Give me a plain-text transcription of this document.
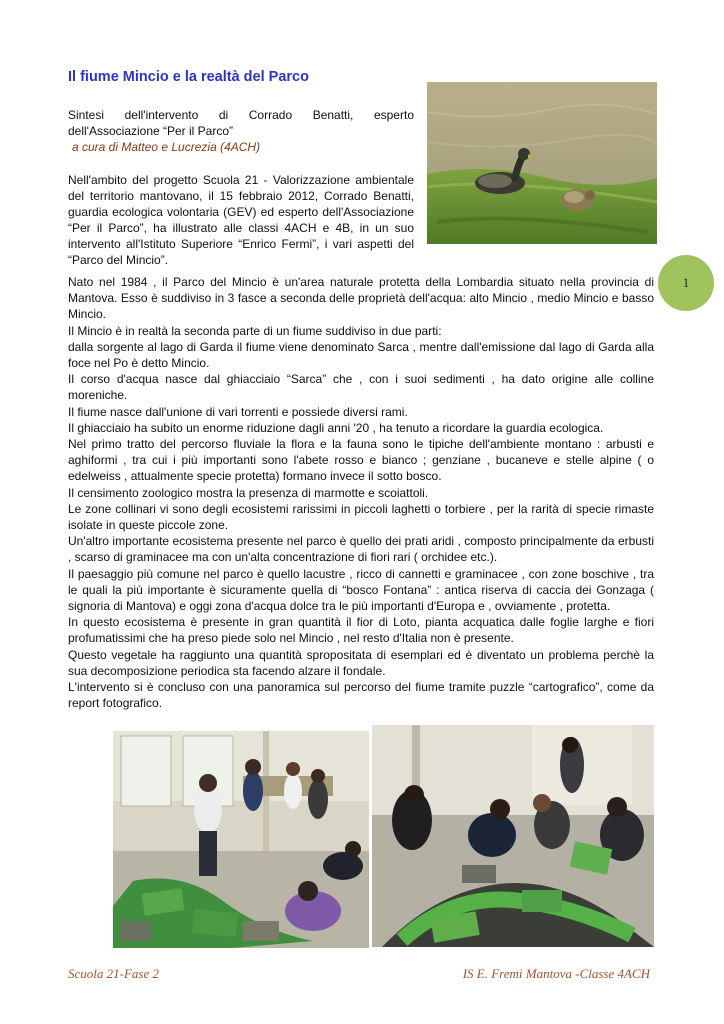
Il fiume Mincio e la realtà del Parco

Sintesi dell'intervento di Corrado Benatti, esperto dell'Associazione “Per il Parco”

a cura di Matteo e Lucrezia (4ACH)

Nell'ambito del progetto Scuola 21 - Valorizzazione ambientale del territorio mantovano, il 15 febbraio 2012, Corrado Benatti, guardia ecologica volontaria (GEV) ed esperto dell'Associazione “Per il Parco”, ha illustrato alle classi 4ACH e 4B, in un suo intervento all'Istituto Superiore “Enrico Fermi”, i vari aspetti del “Parco del Mincio”.

Nato nel 1984 , il Parco del Mincio è un'area naturale protetta della Lombardia situato nella provincia di Mantova. Esso è suddiviso in 3 fasce a seconda delle proprietà dell'acqua: alto Mincio , medio Mincio e basso Mincio.

Il Mincio è in realtà la seconda parte di un fiume suddiviso in due parti:

dalla sorgente al lago di Garda il fiume viene denominato Sarca , mentre dall'emissione dal lago di Garda alla foce nel Po è detto Mincio.

Il corso d'acqua nasce dal ghiacciaio “Sarca” che , con i suoi sedimenti , ha dato origine alle colline moreniche.

Il fiume nasce dall'unione di vari torrenti e possiede diversi rami.

Il ghiacciaio ha subito un enorme riduzione dagli anni '20 , ha tenuto a ricordare la guardia ecologica.

Nel primo tratto del percorso fluviale la flora e la fauna sono le tipiche dell'ambiente montano : arbusti e aghiformi , tra cui i più importanti sono l'abete rosso e bianco ; genziane , bucaneve e stelle alpine ( o edelweiss , attualmente specie protetta) formano invece il sotto bosco.

Il censimento zoologico mostra la presenza di marmotte e scoiattoli.

Le zone collinari vi sono degli ecosistemi rarissimi in piccoli laghetti o torbiere , per la rarità di specie rimaste isolate in queste piccole zone.

Un'altro importante ecosistema presente nel parco è quello dei prati aridi , composto principalmente da erbusti , scarso di graminacee ma con un'alta concentrazione di fiori rari ( orchidee etc.).

Il paesaggio più comune nel parco è quello lacustre , ricco di cannetti e graminacee , con zone boschive , tra le quali la più importante è sicuramente quella di “bosco Fontana” : antica riserva di caccia dei Gonzaga ( signoria di Mantova) e oggi zona d'acqua dolce tra le più importanti d'Europa e , ovviamente , protetta.

In questo ecosistema è presente in gran quantità il fior di Loto, pianta acquatica dalle foglie larghe e fiori profumatissimi che ha preso piede solo nel Mincio , nel resto d'Italia non è presente.

Questo vegetale ha raggiunto una quantità spropositata di esemplari ed è diventato un problema perchè la sua decomposizione periodica sta facendo alzare il fondale.

L'intervento si è concluso con una panoramica sul percorso del fiume tramite puzzle “cartografico”, come da report fotografico.

1
Scuola 21-Fase 2	IS E. Fremi Mantova -Classe 4ACH
